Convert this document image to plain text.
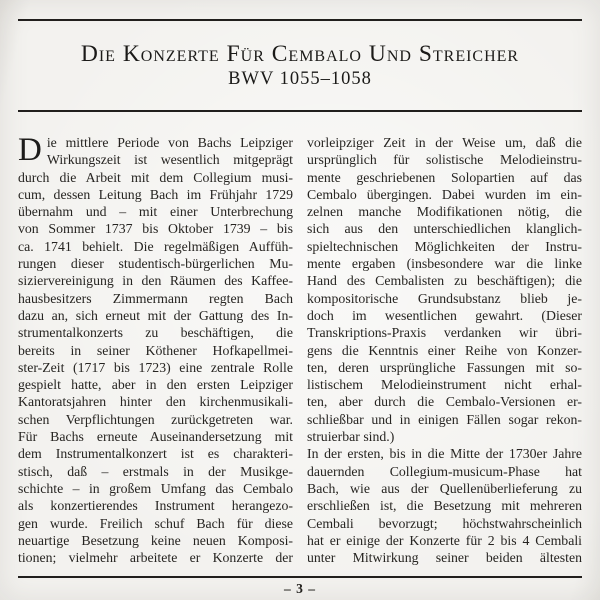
Die Konzerte Für Cembalo Und Streicher
BWV 1055–1058
D ie mittlere Periode von Bachs Leipziger
Wirkungszeit ist wesentlich mitgeprägt
durch die Arbeit mit dem Collegium musi-
cum, dessen Leitung Bach im Frühjahr 1729
übernahm und – mit einer Unterbrechung
von Sommer 1737 bis Oktober 1739 – bis
ca. 1741 behielt. Die regelmäßigen Auffüh-
rungen dieser studentisch-bürgerlichen Mu-
siziervereinigung in den Räumen des Kaffee-
hausbesitzers Zimmermann regten Bach
dazu an, sich erneut mit der Gattung des In-
strumentalkonzerts zu beschäftigen, die
bereits in seiner Köthener Hofkapellmei-
ster-Zeit (1717 bis 1723) eine zentrale Rolle
gespielt hatte, aber in den ersten Leipziger
Kantoratsjahren hinter den kirchenmusikali-
schen Verpflichtungen zurückgetreten war.
Für Bachs erneute Auseinandersetzung mit
dem Instrumentalkonzert ist es charakteri-
stisch, daß – erstmals in der Musikge-
schichte – in großem Umfang das Cembalo
als konzertierendes Instrument herangezo-
gen wurde. Freilich schuf Bach für diese
neuartige Besetzung keine neuen Komposi-
tionen; vielmehr arbeitete er Konzerte der
vorleipziger Zeit in der Weise um, daß die
ursprünglich für solistische Melodieinstru-
mente geschriebenen Solopartien auf das
Cembalo übergingen. Dabei wurden im ein-
zelnen manche Modifikationen nötig, die
sich aus den unterschiedlichen klanglich-
spieltechnischen Möglichkeiten der Instru-
mente ergaben (insbesondere war die linke
Hand des Cembalisten zu beschäftigen); die
kompositorische Grundsubstanz blieb je-
doch im wesentlichen gewahrt. (Dieser
Transkriptions-Praxis verdanken wir übri-
gens die Kenntnis einer Reihe von Konzer-
ten, deren ursprüngliche Fassungen mit so-
listischem Melodieinstrument nicht erhal-
ten, aber durch die Cembalo-Versionen er-
schließbar und in einigen Fällen sogar rekon-
struierbar sind.)
In der ersten, bis in die Mitte der 1730er Jahre
dauernden Collegium-musicum-Phase hat
Bach, wie aus der Quellenüberlieferung zu
erschließen ist, die Besetzung mit mehreren
Cembali bevorzugt; höchstwahrscheinlich
hat er einige der Konzerte für 2 bis 4 Cembali
unter Mitwirkung seiner beiden ältesten
– 3 –
